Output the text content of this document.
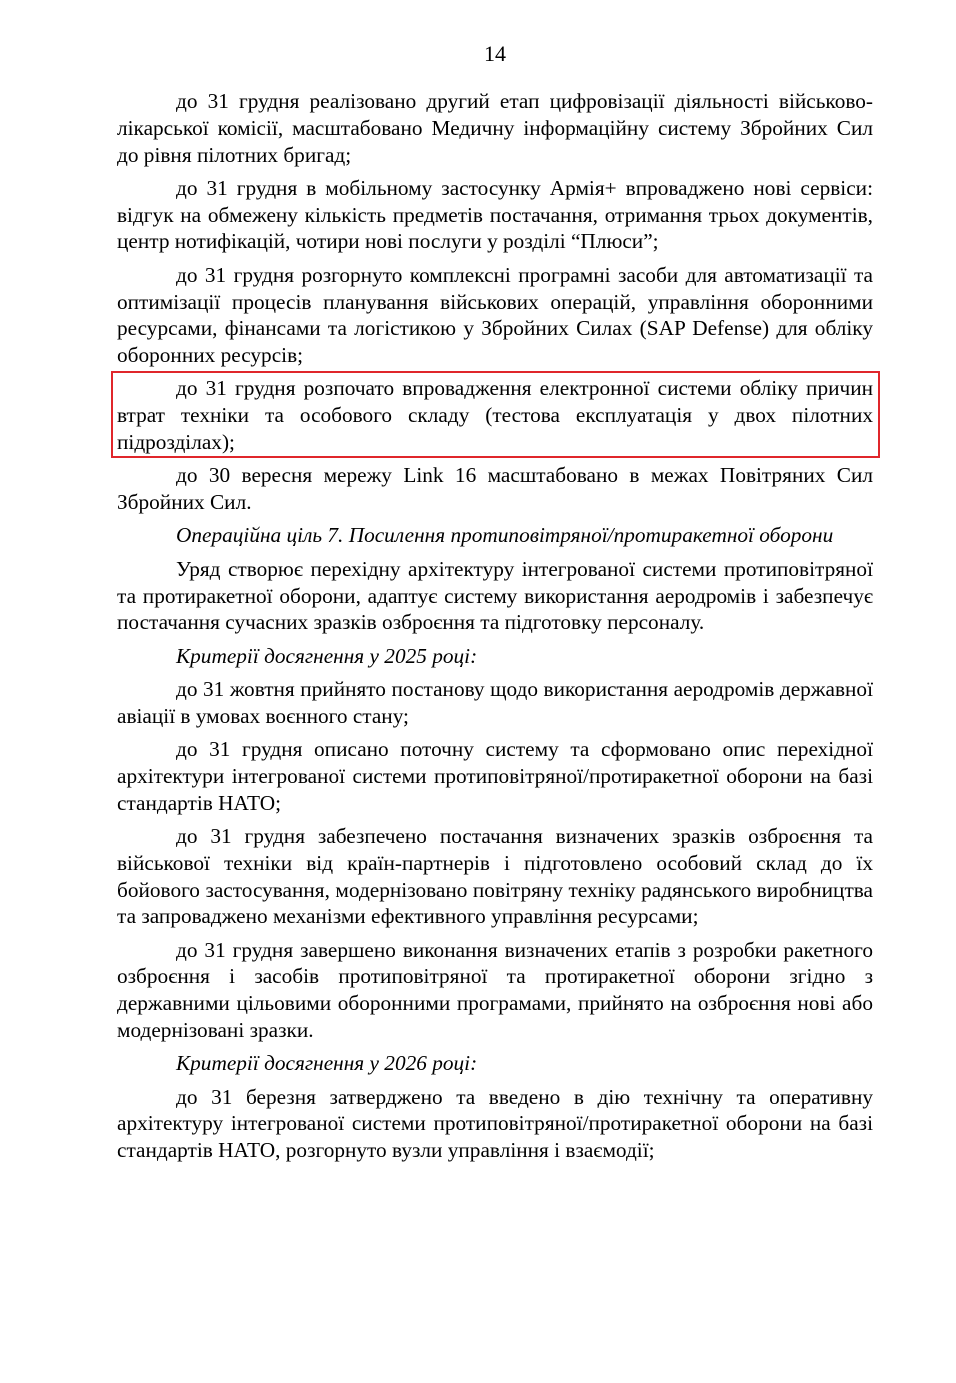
14

до 31 грудня реалізовано другий етап цифровізації діяльності військово-лікарської комісії, масштабовано Медичну інформаційну систему Збройних Сил до рівня пілотних бригад;

до 31 грудня в мобільному застосунку Армія+ впроваджено нові сервіси: відгук на обмежену кількість предметів постачання, отримання трьох документів, центр нотифікацій, чотири нові послуги у розділі “Плюси”;

до 31 грудня розгорнуто комплексні програмні засоби для автоматизації та оптимізації процесів планування військових операцій, управління оборонними ресурсами, фінансами та логістикою у Збройних Силах (SAP Defense) для обліку оборонних ресурсів;

до 31 грудня розпочато впровадження електронної системи обліку причин втрат техніки та особового складу (тестова експлуатація у двох пілотних підрозділах);

до 30 вересня мережу Link 16 масштабовано в межах Повітряних Сил Збройних Сил.

Операційна ціль 7. Посилення протиповітряної/протиракетної оборони

Уряд створює перехідну архітектуру інтегрованої системи протиповітряної та протиракетної оборони, адаптує систему використання аеродромів і забезпечує постачання сучасних зразків озброєння та підготовку персоналу.

Критерії досягнення у 2025 році:

до 31 жовтня прийнято постанову щодо використання аеродромів державної авіації в умовах воєнного стану;

до 31 грудня описано поточну систему та сформовано опис перехідної архітектури інтегрованої системи протиповітряної/протиракетної оборони на базі стандартів НАТО;

до 31 грудня забезпечено постачання визначених зразків озброєння та військової техніки від країн-партнерів і підготовлено особовий склад до їх бойового застосування, модернізовано повітряну техніку радянського виробництва та запроваджено механізми ефективного управління ресурсами;

до 31 грудня завершено виконання визначених етапів з розробки ракетного озброєння і засобів протиповітряної та протиракетної оборони згідно з державними цільовими оборонними програмами, прийнято на озброєння нові або модернізовані зразки.

Критерії досягнення у 2026 році:

до 31 березня затверджено та введено в дію технічну та оперативну архітектуру інтегрованої системи протиповітряної/протиракетної оборони на базі стандартів НАТО, розгорнуто вузли управління і взаємодії;
